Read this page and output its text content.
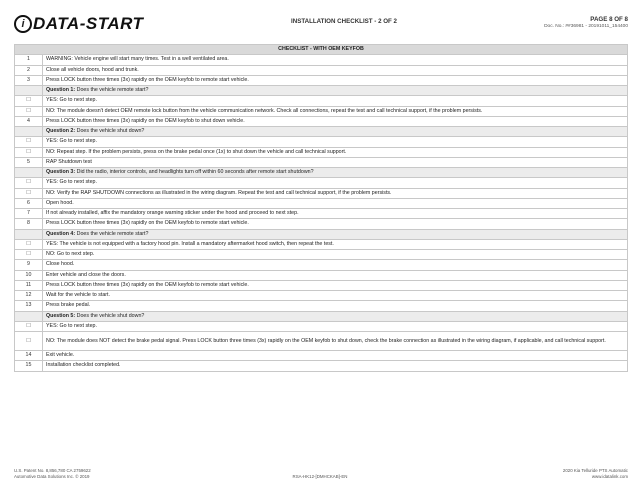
i DATA-START	INSTALLATION CHECKLIST - 2 OF 2	PAGE 8 OF 8
Doc. No.: ##36981 - 20191011_154400
CHECKLIST - WITH OEM KEYFOB	
1	WARNING: Vehicle engine will start many times. Test in a well ventilated area.
2	Close all vehicle doors, hood and trunk.
3	Press LOCK button three times (3x) rapidly on the OEM keyfob to remote start vehicle.
	Question 1: Does the vehicle remote start?
☐	YES: Go to next step.
☐	NO: The module doesn't detect OEM remote lock button from the vehicle communication network. Check all connections, repeat the test and call technical support, if the problem persists.
4	Press LOCK button three times (3x) rapidly on the OEM keyfob to shut down vehicle.
	Question 2: Does the vehicle shut down?
☐	YES: Go to next step.
☐	NO: Repeat step. If the problem persists, press on the brake pedal once (1x) to shut down the vehicle and call technical support.
5	RAP Shutdown test
	Question 3: Did the radio, interior controls, and headlights turn off within 60 seconds after remote start shutdown?
☐	YES: Go to next step.
☐	NO: Verify the RAP SHUTDOWN connections as illustrated in the wiring diagram. Repeat the test and call technical support, if the problem persists.
6	Open hood.
7	If not already installed, affix the mandatory orange warning sticker under the hood and proceed to next step.
8	Press LOCK button three times (3x) rapidly on the OEM keyfob to remote start vehicle.
	Question 4: Does the vehicle remote start?
☐	YES: The vehicle is not equipped with a factory hood pin. Install a mandatory aftermarket hood switch, then repeat the test.
☐	NO: Go to next step.
9	Close hood.
10	Enter vehicle and close the doors.
11	Press LOCK button three times (3x) rapidly on the OEM keyfob to remote start vehicle.
12	Wait for the vehicle to start.
13	Press brake pedal.
	Question 5: Does the vehicle shut down?
☐	YES: Go to next step.
☐	NO: The module does NOT detect the brake pedal signal. Press LOCK button three times (3x) rapidly on the OEM keyfob to shut down, check the brake connection as illustrated in the wiring diagram, if applicable, and call technical support.
14	Exit vehicle.
15	Installation checklist completed.
U.S. Patent No. 8,856,780 CA 2759622
Automotive Data Solutions Inc. © 2019	RSA-HK12-[DMHCKAB]-EN
2020 Kia Telluride PTS Automatic
www.idatalink.com
